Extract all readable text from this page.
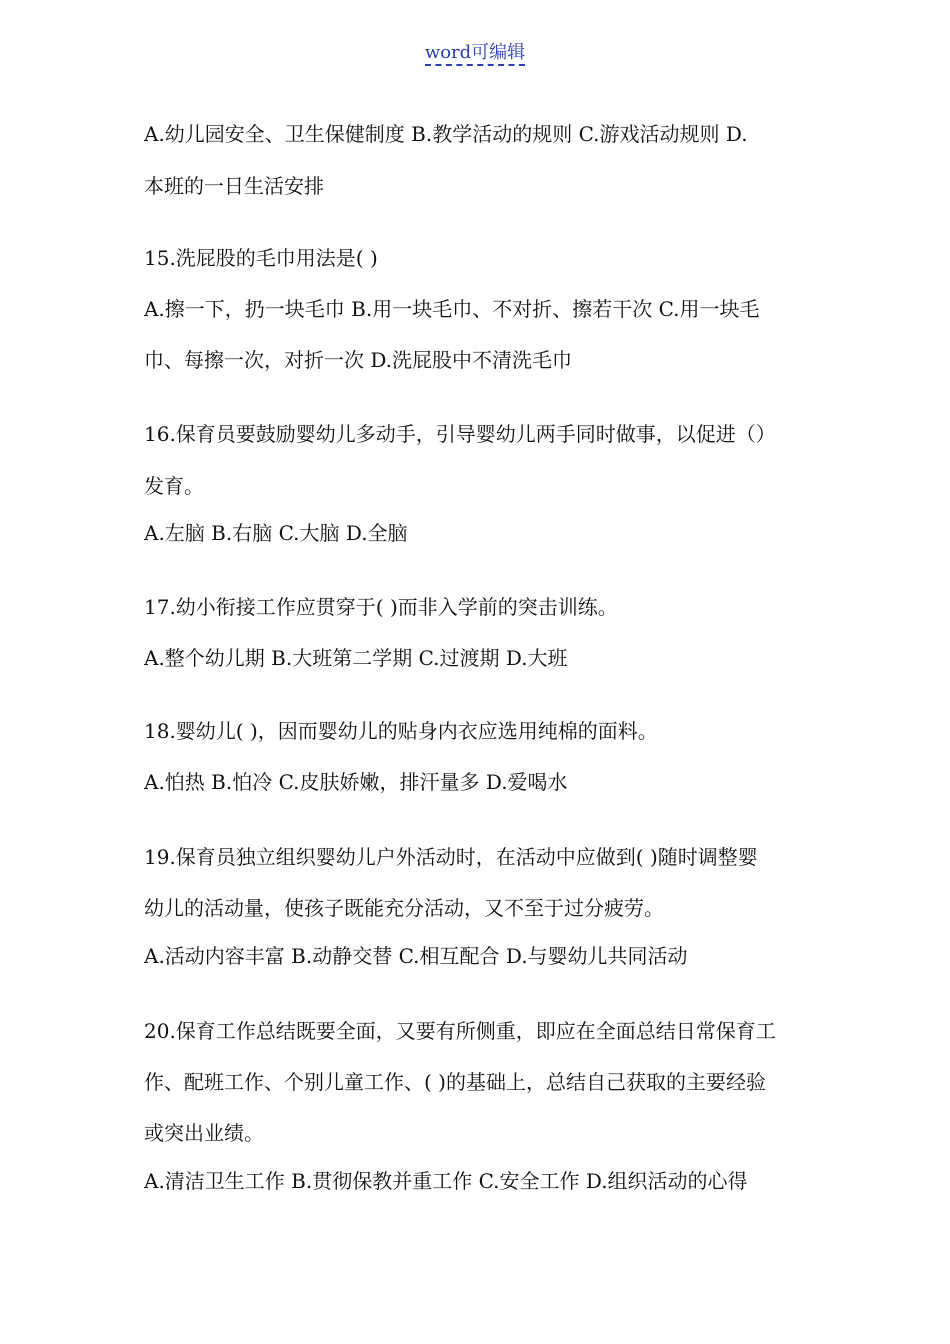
word可编辑
A.幼儿园安全、卫生保健制度 B.教学活动的规则 C.游戏活动规则 D.
本班的一日生活安排
15.洗屁股的毛巾用法是( )
A.擦一下，扔一块毛巾 B.用一块毛巾、不对折、擦若干次 C.用一块毛
巾、每擦一次，对折一次 D.洗屁股中不清洗毛巾
16.保育员要鼓励婴幼儿多动手，引导婴幼儿两手同时做事，以促进（）
发育。
A.左脑 B.右脑 C.大脑 D.全脑
17.幼小衔接工作应贯穿于( )而非入学前的突击训练。
A.整个幼儿期 B.大班第二学期 C.过渡期 D.大班
18.婴幼儿( )，因而婴幼儿的贴身内衣应选用纯棉的面料。
A.怕热 B.怕冷 C.皮肤娇嫩，排汗量多 D.爱喝水
19.保育员独立组织婴幼儿户外活动时，在活动中应做到( )随时调整婴
幼儿的活动量，使孩子既能充分活动，又不至于过分疲劳。
A.活动内容丰富 B.动静交替 C.相互配合 D.与婴幼儿共同活动
20.保育工作总结既要全面，又要有所侧重，即应在全面总结日常保育工
作、配班工作、个别儿童工作、( )的基础上，总结自己获取的主要经验
或突出业绩。
A.清洁卫生工作 B.贯彻保教并重工作 C.安全工作 D.组织活动的心得
